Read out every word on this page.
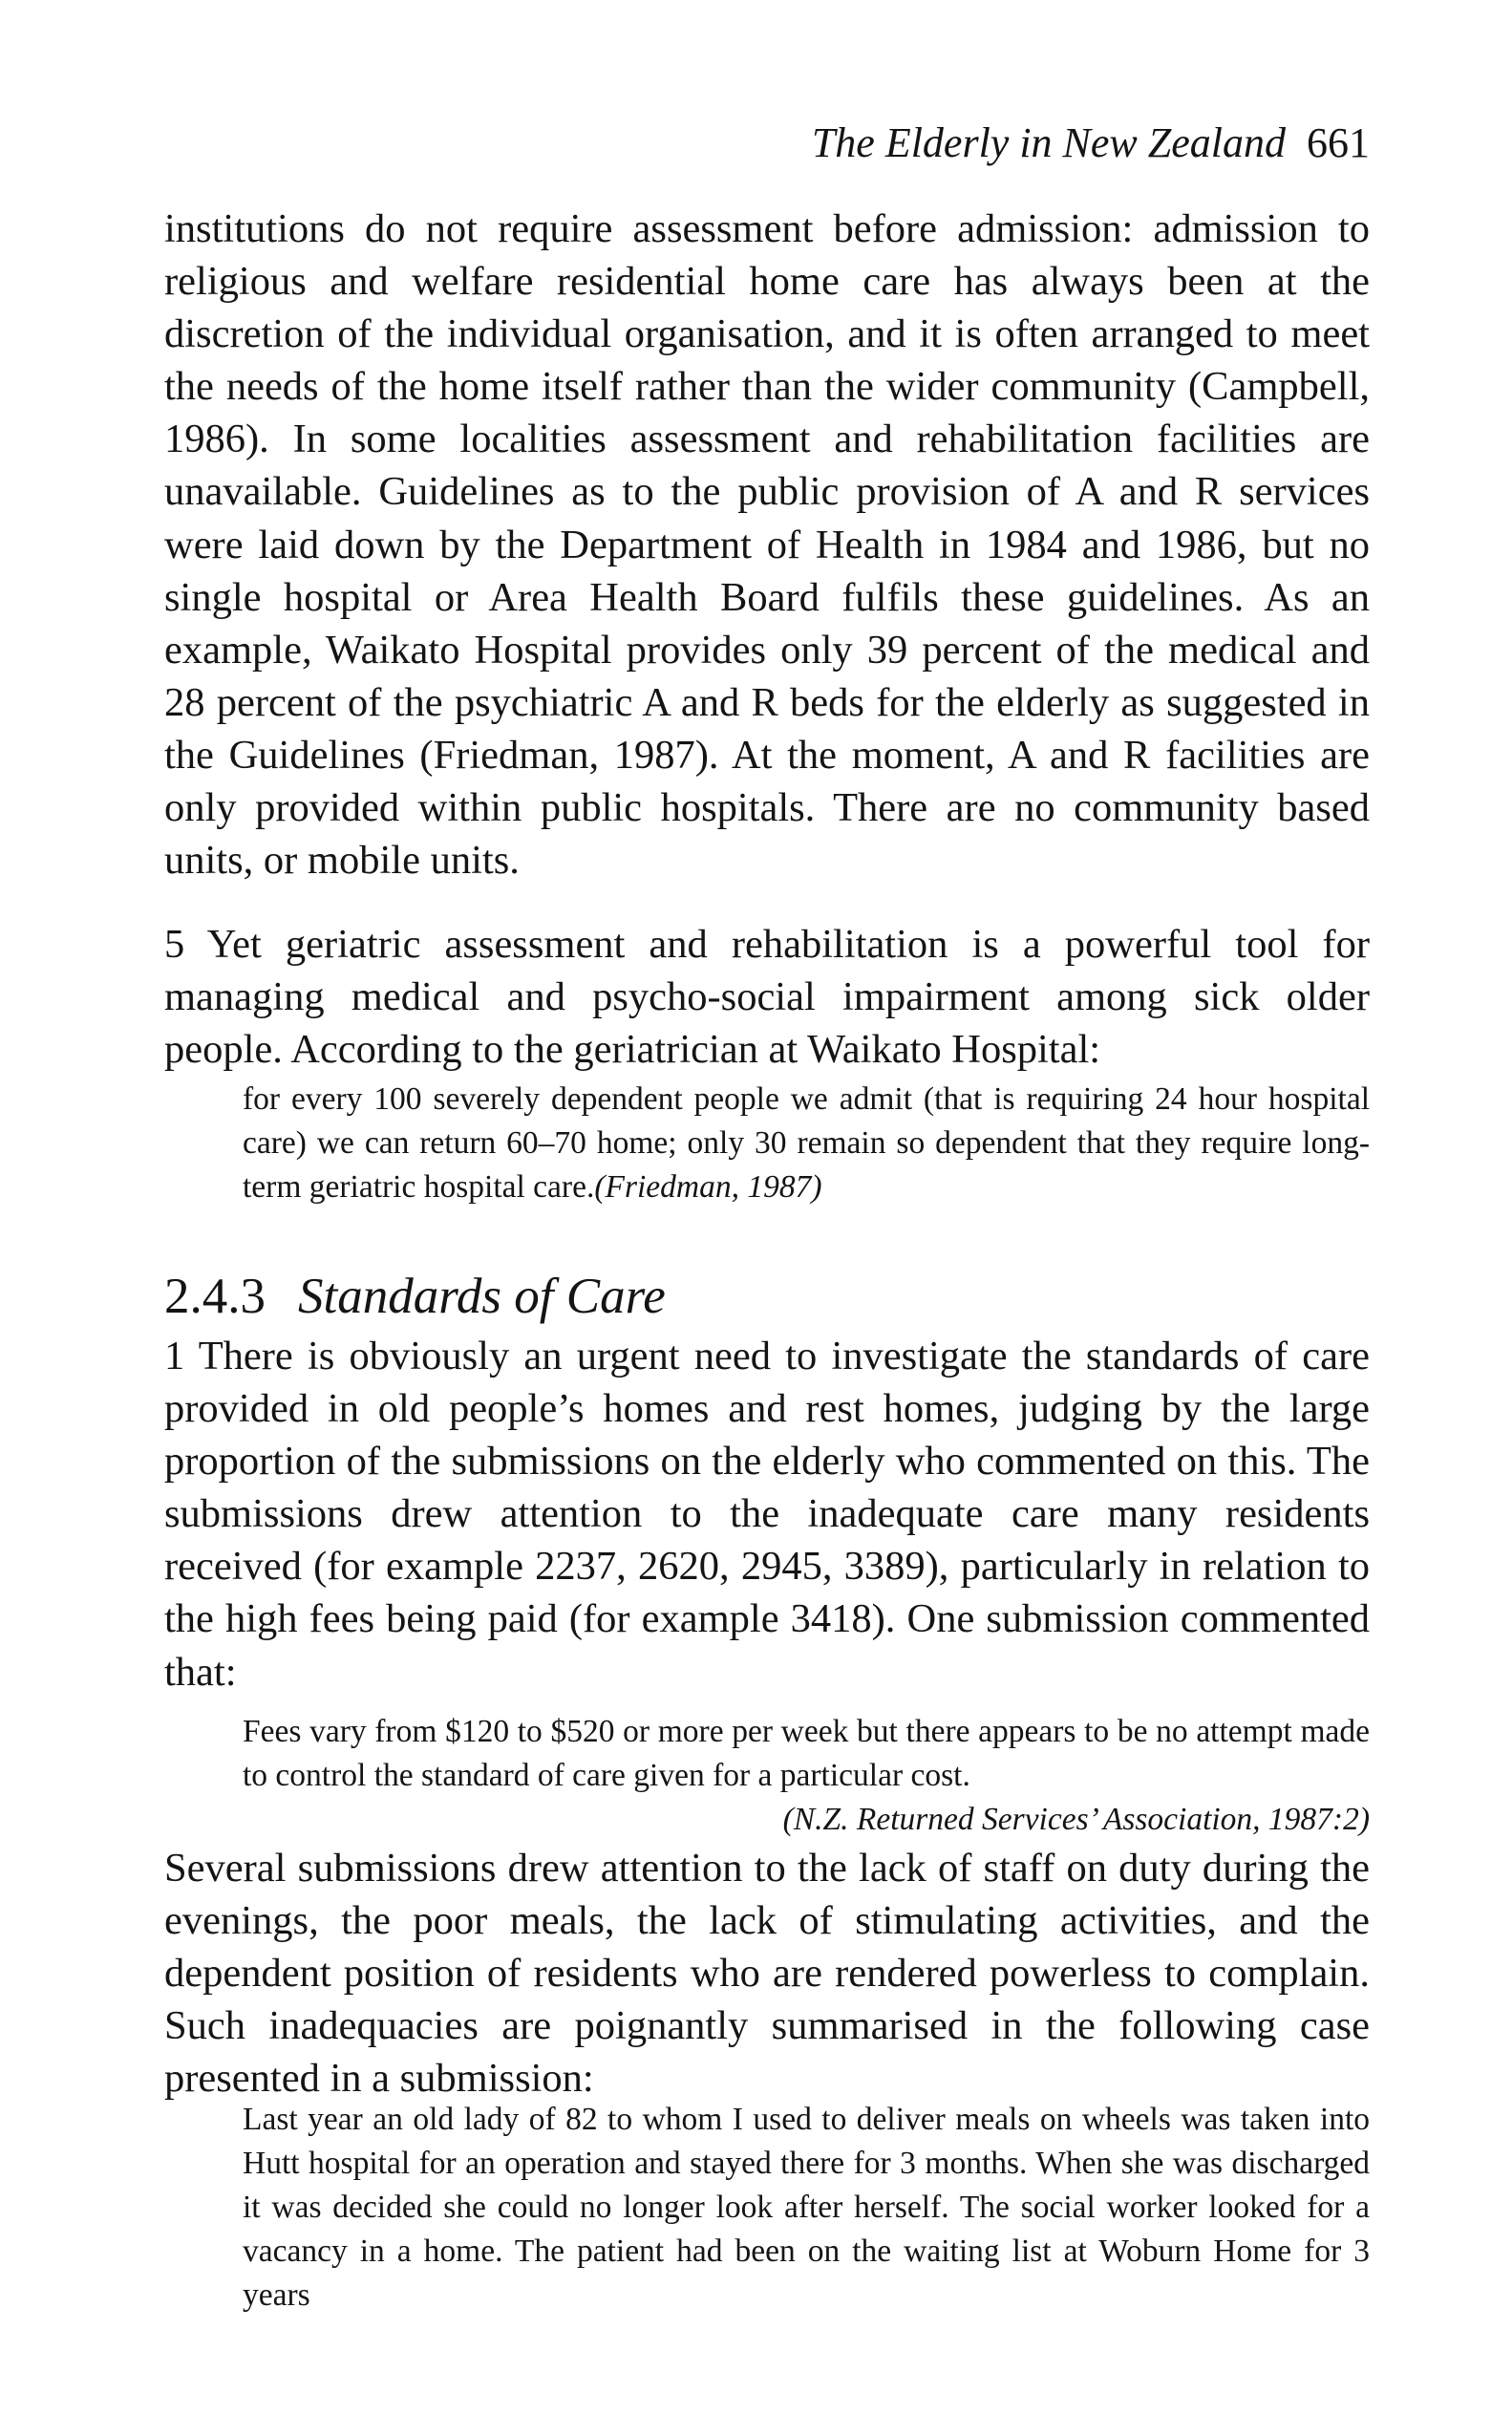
The Elderly in New Zealand 661

institutions do not require assessment before admission: admission to religious and welfare residential home care has always been at the discretion of the individual organisation, and it is often arranged to meet the needs of the home itself rather than the wider community (Campbell, 1986). In some localities assessment and rehabilitation facilities are unavailable. Guidelines as to the public provision of A and R services were laid down by the Department of Health in 1984 and 1986, but no single hospital or Area Health Board fulfils these guidelines. As an example, Waikato Hospital provides only 39 percent of the medical and 28 percent of the psychiatric A and R beds for the elderly as suggested in the Guidelines (Friedman, 1987). At the moment, A and R facilities are only provided within public hospitals. There are no community based units, or mobile units.

5 Yet geriatric assessment and rehabilitation is a powerful tool for managing medical and psycho-social impairment among sick older people. According to the geriatrician at Waikato Hospital:

for every 100 severely dependent people we admit (that is requiring 24 hour hospital care) we can return 60–70 home; only 30 remain so dependent that they require long-term geriatric hospital care.(Friedman, 1987)

2.4.3 Standards of Care

1 There is obviously an urgent need to investigate the standards of care provided in old people’s homes and rest homes, judging by the large proportion of the submissions on the elderly who commented on this. The submissions drew attention to the inadequate care many residents received (for example 2237, 2620, 2945, 3389), particularly in relation to the high fees being paid (for example 3418). One submission commented that:

Fees vary from $120 to $520 or more per week but there appears to be no attempt made to control the standard of care given for a particular cost.
(N.Z. Returned Services’ Association, 1987:2)

Several submissions drew attention to the lack of staff on duty during the evenings, the poor meals, the lack of stimulating activities, and the dependent position of residents who are rendered powerless to complain. Such inadequacies are poignantly summarised in the following case presented in a submission:

Last year an old lady of 82 to whom I used to deliver meals on wheels was taken into Hutt hospital for an operation and stayed there for 3 months. When she was discharged it was decided she could no longer look after herself. The social worker looked for a vacancy in a home. The patient had been on the waiting list at Woburn Home for 3 years
